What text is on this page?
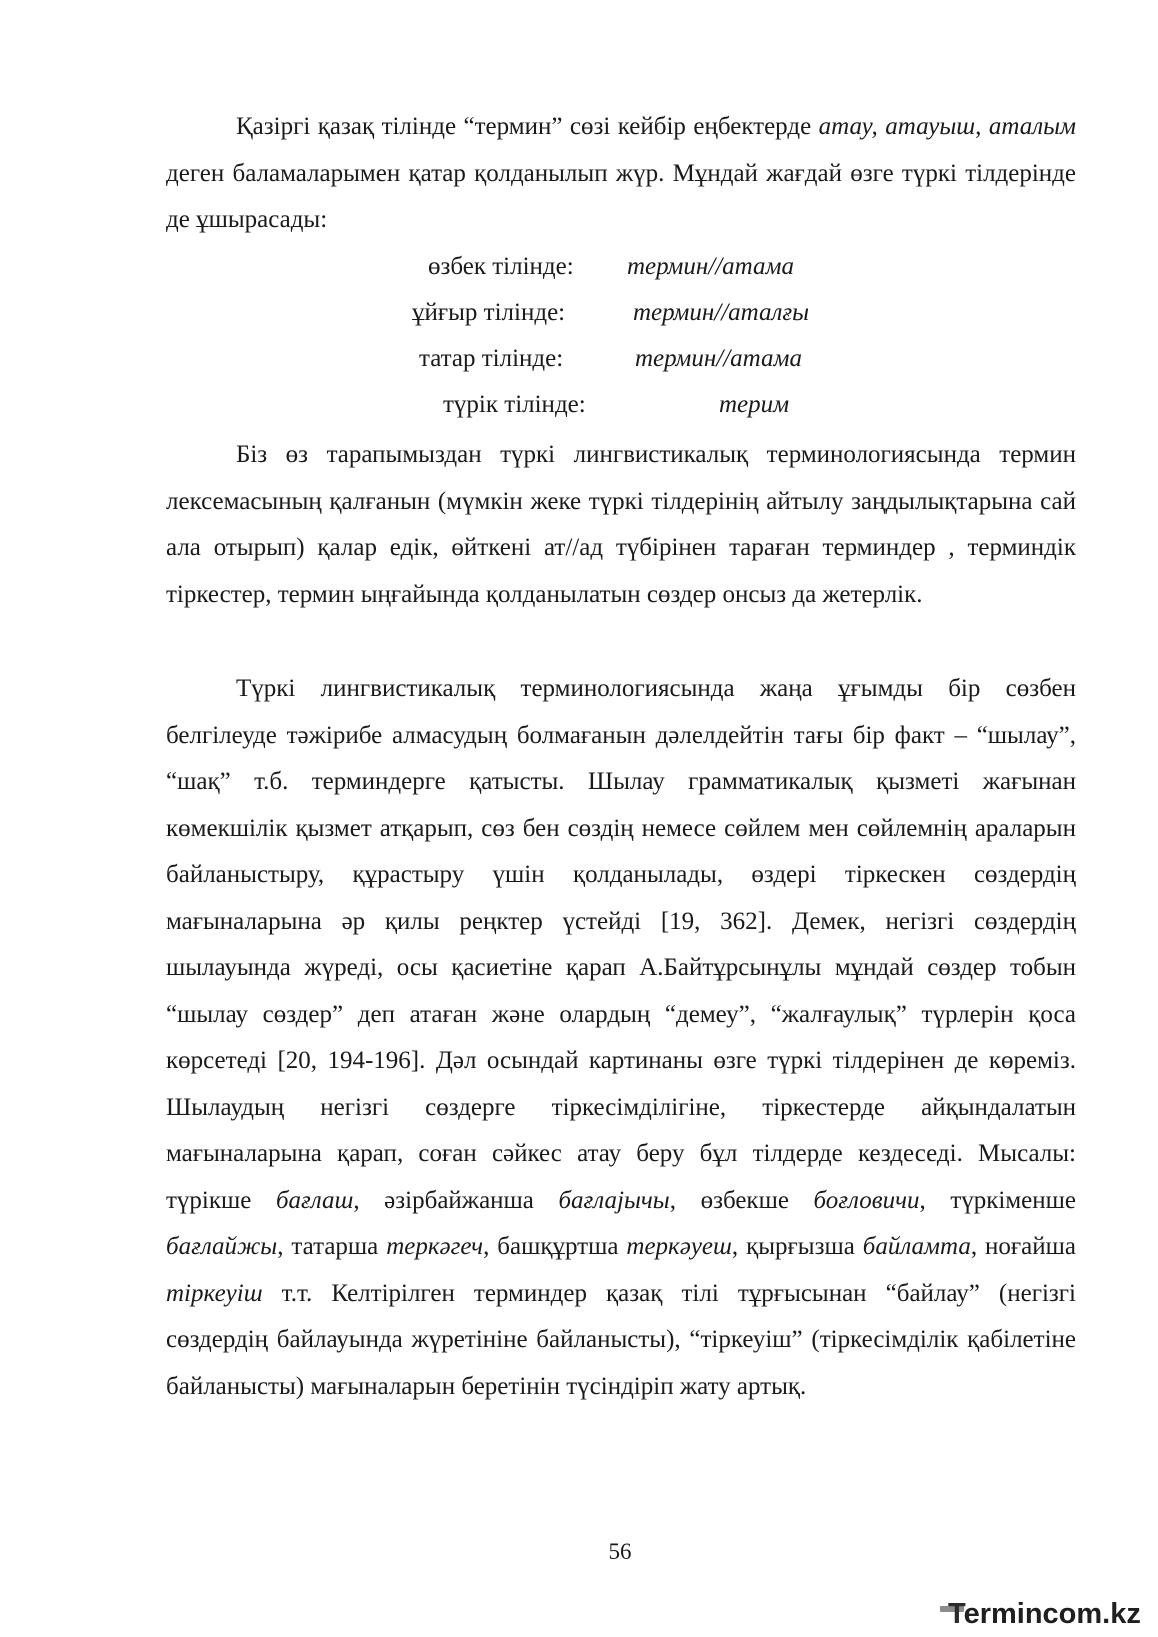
Қазіргі қазақ тілінде “термин” сөзі кейбір еңбектерде атау, атауыш, аталым деген баламаларымен қатар қолданылып жүр. Мұндай жағдай өзге түркі тілдерінде де ұшырасады:

өзбек тілінде: термин//атама
ұйғыр тілінде:	термин//аталғы
татар тілінде:	термин//атама
түрік тілінде:	терим

Біз өз тарапымыздан түркі лингвистикалық терминологиясында термин лексемасының қалғанын (мүмкін жеке түркі тілдерінің айтылу заңдылықтарына сай ала отырып) қалар едік, өйткені ат//ад түбірінен тараған терминдер , терминдік тіркестер, термин ыңғайында қолданылатын сөздер онсыз да жетерлік.

Түркі лингвистикалық терминологиясында жаңа ұғымды бір сөзбен белгілеуде тәжірибе алмасудың болмағанын дәлелдейтін тағы бір факт – “шылау”, “шақ” т.б. терминдерге қатысты. Шылау грамматикалық қызметі жағынан көмекшілік қызмет атқарып, сөз бен сөздің немесе сөйлем мен сөйлемнің араларын байланыстыру, құрастыру үшін қолданылады, өздері тіркескен сөздердің мағыналарына әр қилы реңктер үстейді [19, 362]. Демек, негізгі сөздердің шылауында жүреді, осы қасиетіне қарап А.Байтұрсынұлы мұндай сөздер тобын “шылау сөздер” деп атаған және олардың “демеу”, “жалғаулық” түрлерін қоса көрсетеді [20, 194-196]. Дәл осындай картинаны өзге түркі тілдерінен де көреміз. Шылаудың негізгі сөздерге тіркесімділігіне, тіркестерде айқындалатын мағыналарына қарап, соған сәйкес атау беру бұл тілдерде кездеседі. Мысалы: түрікше бағлаш, әзірбайжанша бағлајычы, өзбекше боғловичи, түркіменше бағлайжы, татарша теркәгеч, башқұртша теркәуеш, қырғызша байламта, ноғайша тіркеуіш т.т. Келтірілген терминдер қазақ тілі тұрғысынан “байлау” (негізгі сөздердің байлауында жүретініне байланысты), “тіркеуіш” (тіркесімділік қабілетіне байланысты) мағыналарын беретінін түсіндіріп жату артық.

56
Termincom.kz
